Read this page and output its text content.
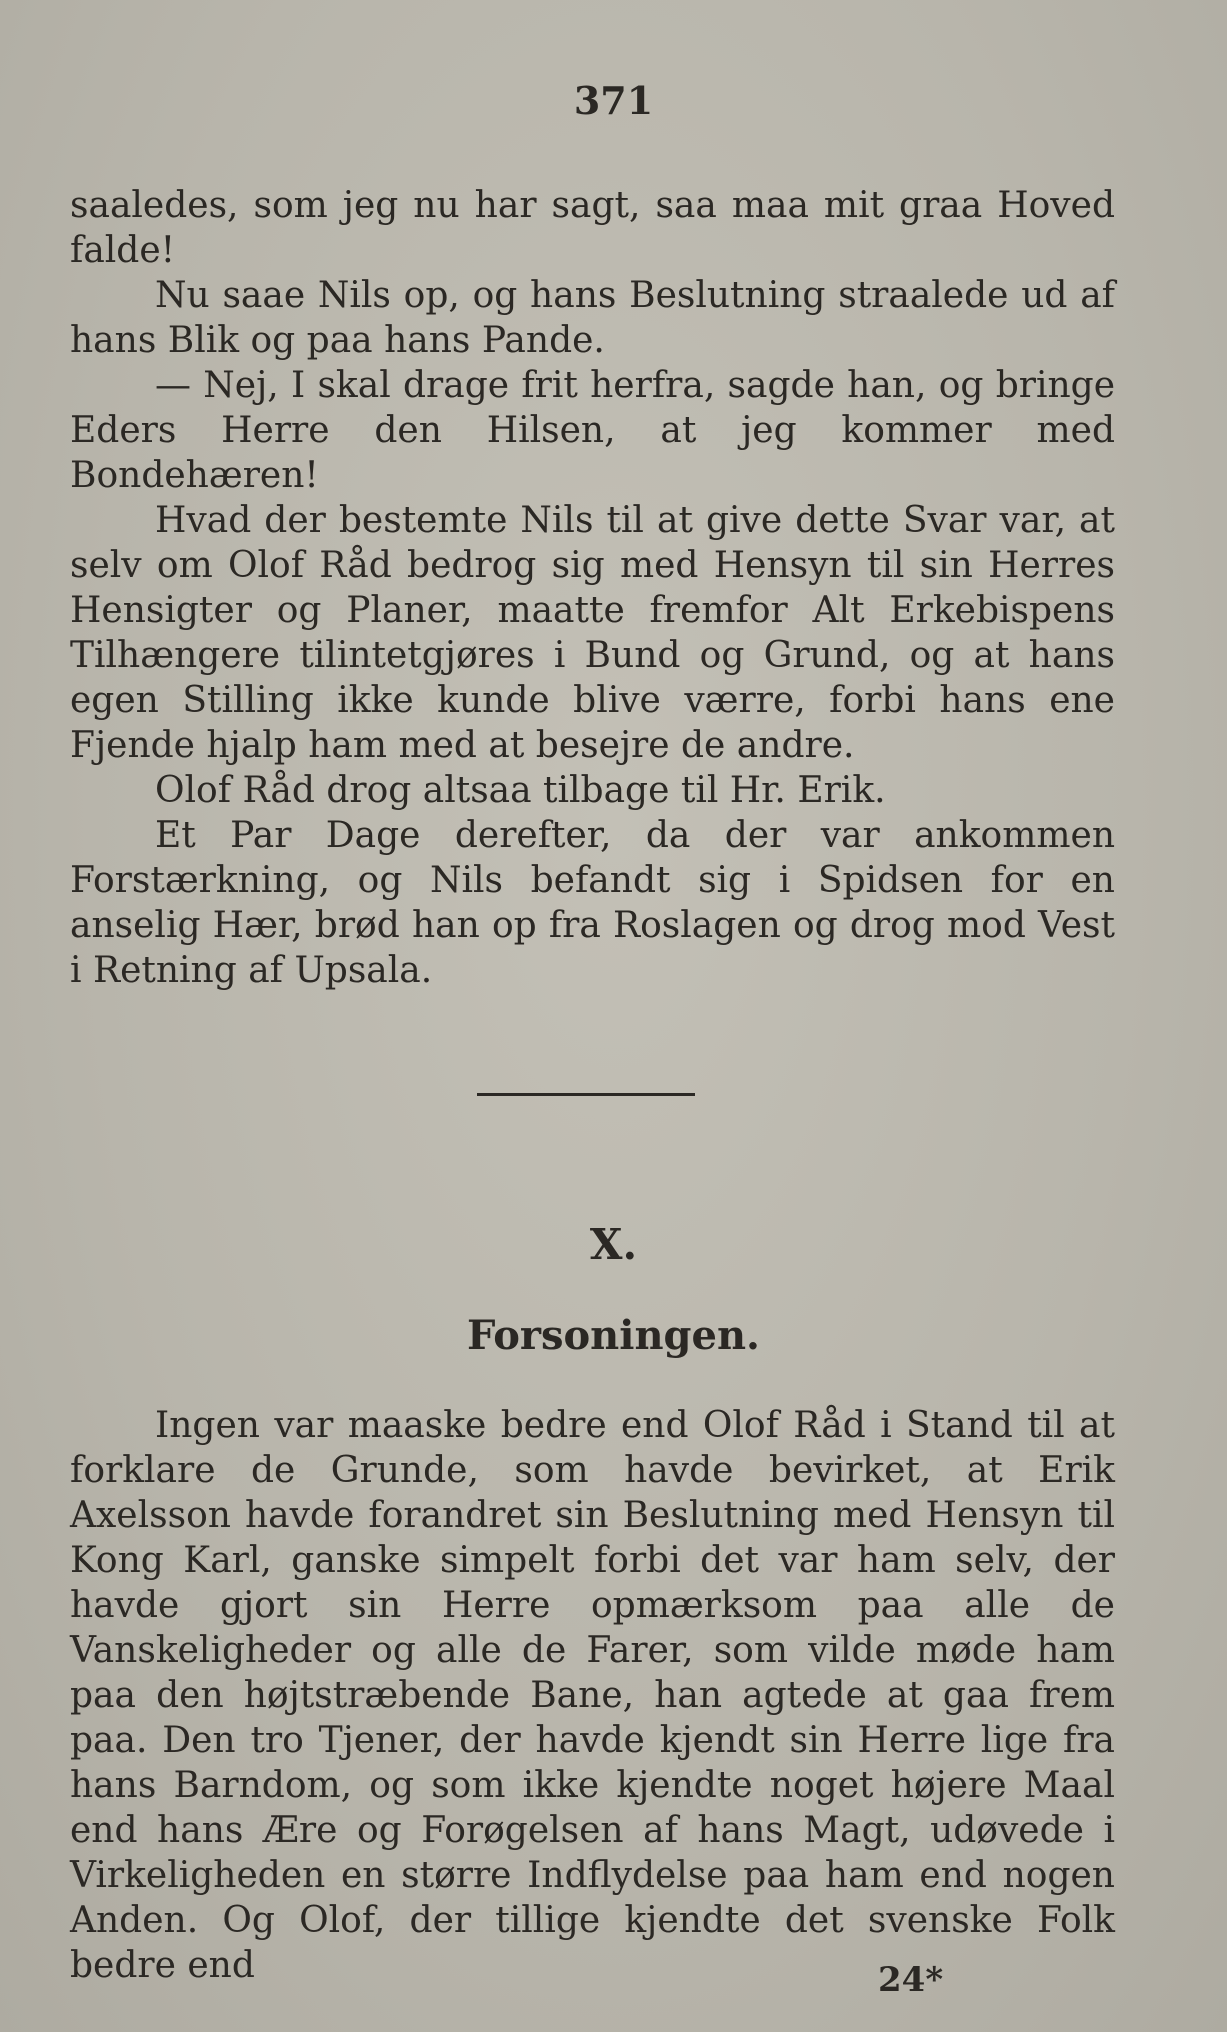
371

saaledes, som jeg nu har sagt, saa maa mit graa Hoved falde!

Nu saae Nils op, og hans Beslutning straalede ud af hans Blik og paa hans Pande.

— Nej, I skal drage frit herfra, sagde han, og bringe Eders Herre den Hilsen, at jeg kommer med Bondehæren!

Hvad der bestemte Nils til at give dette Svar var, at selv om Olof Råd bedrog sig med Hensyn til sin Herres Hensigter og Planer, maatte fremfor Alt Erkebispens Tilhængere tilintetgjøres i Bund og Grund, og at hans egen Stilling ikke kunde blive værre, forbi hans ene Fjende hjalp ham med at besejre de andre.

Olof Råd drog altsaa tilbage til Hr. Erik.

Et Par Dage derefter, da der var ankommen Forstærkning, og Nils befandt sig i Spidsen for en anselig Hær, brød han op fra Roslagen og drog mod Vest i Retning af Upsala.

X.
Forsoningen.

Ingen var maaske bedre end Olof Råd i Stand til at forklare de Grunde, som havde bevirket, at Erik Axelsson havde forandret sin Beslutning med Hensyn til Kong Karl, ganske simpelt forbi det var ham selv, der havde gjort sin Herre opmærksom paa alle de Vanskeligheder og alle de Farer, som vilde møde ham paa den højtstræbende Bane, han agtede at gaa frem paa. Den tro Tjener, der havde kjendt sin Herre lige fra hans Barndom, og som ikke kjendte noget højere Maal end hans Ære og Forøgelsen af hans Magt, udøvede i Virkeligheden en større Indflydelse paa ham end nogen Anden. Og Olof, der tillige kjendte det svenske Folk bedre end	24*
